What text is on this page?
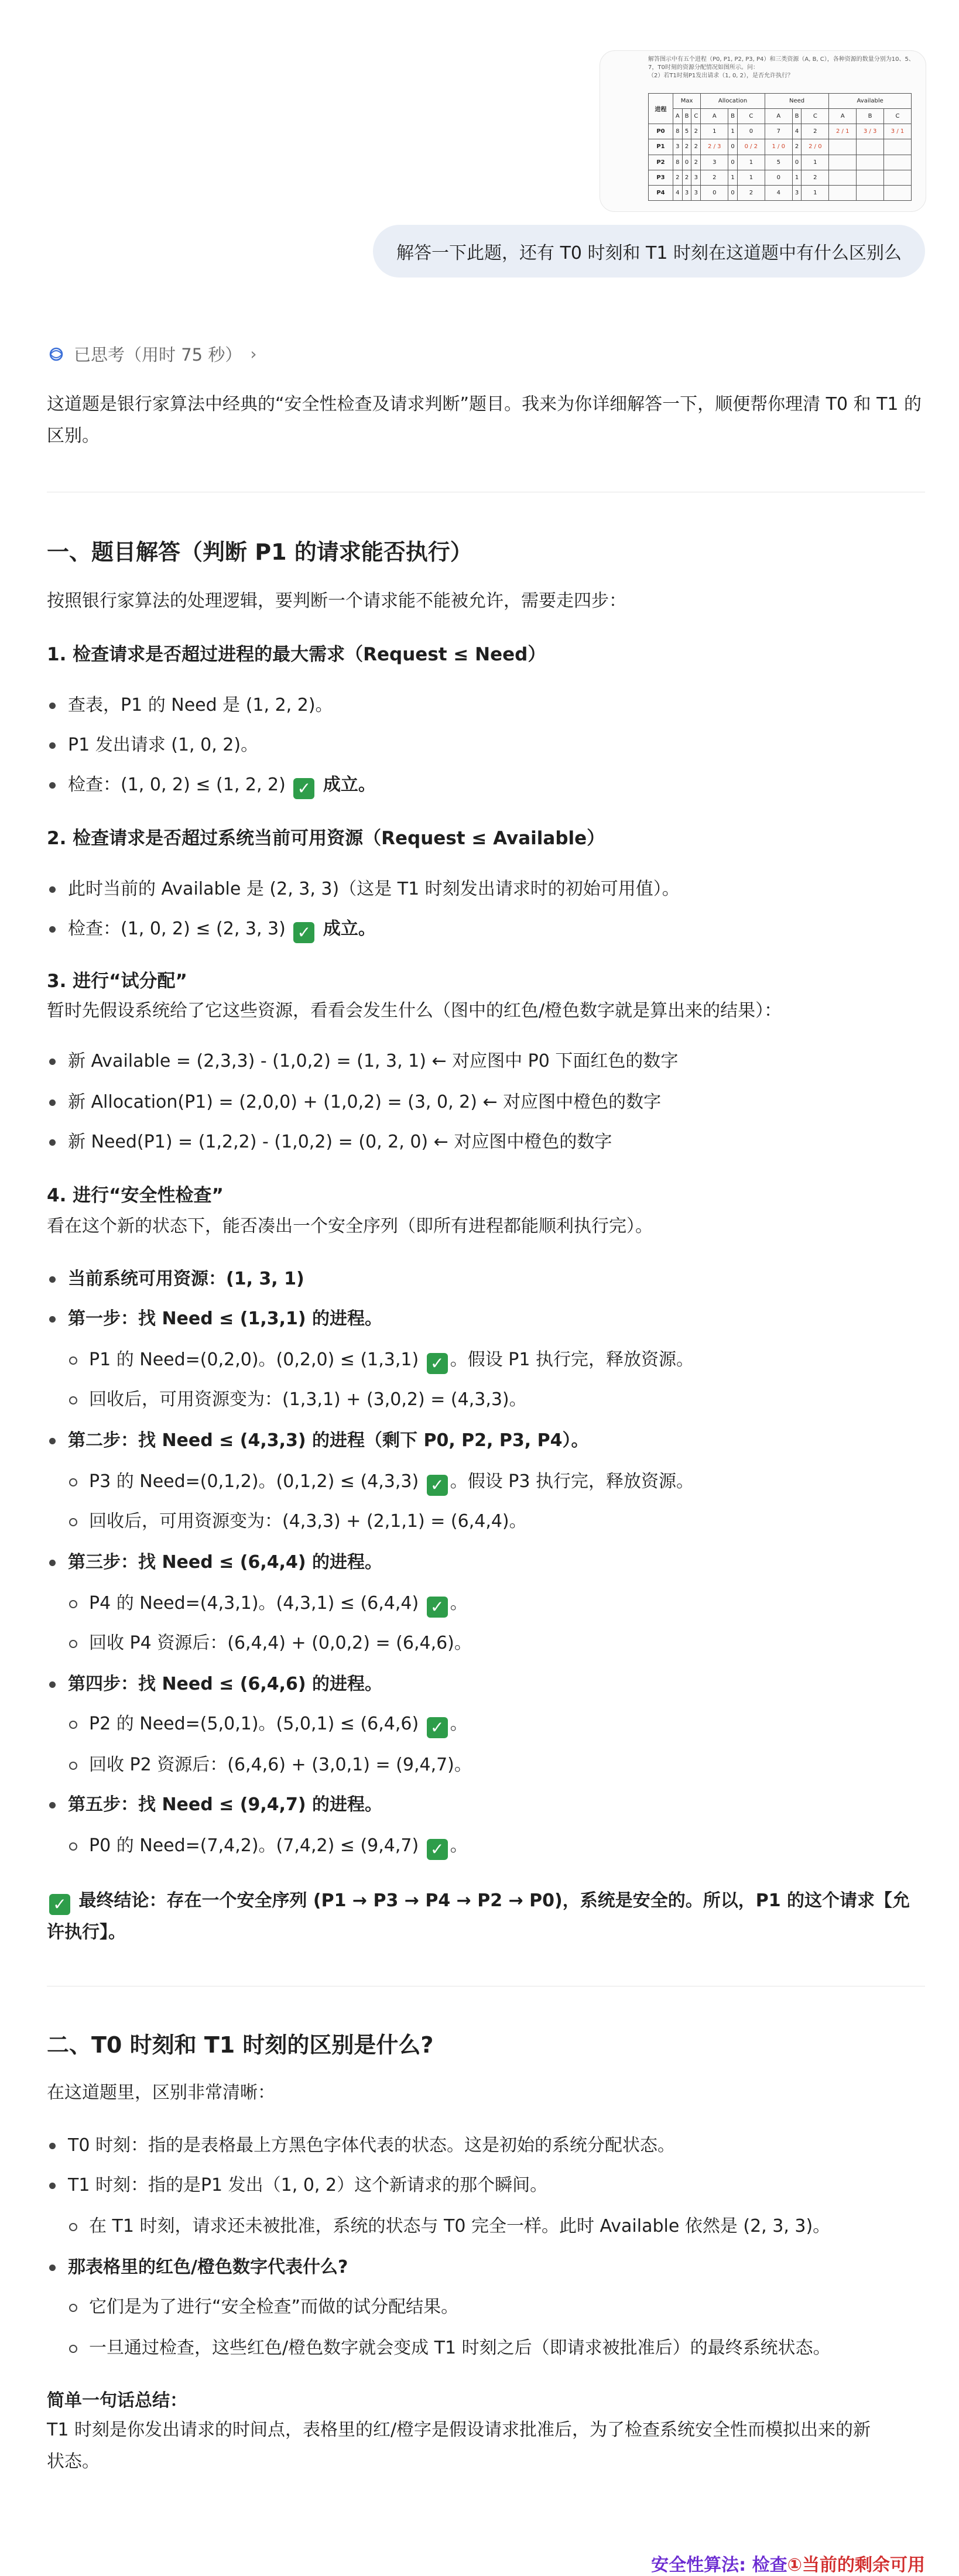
解答图示中有五个进程（P0, P1, P2, P3, P4）和三类资源（A, B, C），各种资源的数量分别为10、5、7，T0时刻的资源分配情况如图所示。问：
（2）若T1时刻P1发出请求（1, 0, 2），是否允许执行？
进程	Max			Allocation			Need			Available		
	A	B	C	A	B	C	A	B	C	A	B	C
P0	8	5	2	1	1	0	7	4	2	2 / 1	3 / 3	3 / 1
P1	3	2	2	2 / 3	0	0 / 2	1 / 0	2	2 / 0			
P2	8	0	2	3	0	1	5	0	1			
P3	2	2	3	2	1	1	0	1	2			
P4	4	3	3	0	0	2	4	3	1			
解答一下此题，还有 T0 时刻和 T1 时刻在这道题中有什么区别么
已思考（用时 75 秒） ›
这道题是银行家算法中经典的“安全性检查及请求判断”题目。我来为你详细解答一下，顺便帮你理清 T0 和 T1 的区别。
一、题目解答（判断 P1 的请求能否执行）
按照银行家算法的处理逻辑，要判断一个请求能不能被允许，需要走四步：
1. 检查请求是否超过进程的最大需求（Request ≤ Need）
查表，P1 的 Need 是 (1, 2, 2)。
P1 发出请求 (1, 0, 2)。
检查：(1, 0, 2) ≤ (1, 2, 2) ✓ 成立。
2. 检查请求是否超过系统当前可用资源（Request ≤ Available）
此时当前的 Available 是 (2, 3, 3)（这是 T1 时刻发出请求时的初始可用值）。
检查：(1, 0, 2) ≤ (2, 3, 3) ✓ 成立。
3. 进行“试分配”
暂时先假设系统给了它这些资源，看看会发生什么（图中的红色/橙色数字就是算出来的结果）：
新 Available = (2,3,3) - (1,0,2) = (1, 3, 1) ← 对应图中 P0 下面红色的数字
新 Allocation(P1) = (2,0,0) + (1,0,2) = (3, 0, 2) ← 对应图中橙色的数字
新 Need(P1) = (1,2,2) - (1,0,2) = (0, 2, 0) ← 对应图中橙色的数字
4. 进行“安全性检查”
看在这个新的状态下，能否凑出一个安全序列（即所有进程都能顺利执行完）。
当前系统可用资源：(1, 3, 1)
第一步：找 Need ≤ (1,3,1) 的进程。
P1 的 Need=(0,2,0)。(0,2,0) ≤ (1,3,1) ✓ 。假设 P1 执行完，释放资源。
回收后，可用资源变为：(1,3,1) + (3,0,2) = (4,3,3)。
第二步：找 Need ≤ (4,3,3) 的进程（剩下 P0, P2, P3, P4）。
P3 的 Need=(0,1,2)。(0,1,2) ≤ (4,3,3) ✓ 。假设 P3 执行完，释放资源。
回收后，可用资源变为：(4,3,3) + (2,1,1) = (6,4,4)。
第三步：找 Need ≤ (6,4,4) 的进程。
P4 的 Need=(4,3,1)。(4,3,1) ≤ (6,4,4) ✓ 。
回收 P4 资源后：(6,4,4) + (0,0,2) = (6,4,6)。
第四步：找 Need ≤ (6,4,6) 的进程。
P2 的 Need=(5,0,1)。(5,0,1) ≤ (6,4,6) ✓ 。
回收 P2 资源后：(6,4,6) + (3,0,1) = (9,4,7)。
第五步：找 Need ≤ (9,4,7) 的进程。
P0 的 Need=(7,4,2)。(7,4,2) ≤ (9,4,7) ✓ 。
✓ 最终结论：存在一个安全序列 (P1 → P3 → P4 → P2 → P0)，系统是安全的。所以，P1 的这个请求【允
许执行】。
二、T0 时刻和 T1 时刻的区别是什么?
在这道题里，区别非常清晰：
T0 时刻：指的是表格最上方黑色字体代表的状态。这是初始的系统分配状态。
T1 时刻：指的是P1 发出（1, 0, 2）这个新请求的那个瞬间。
在 T1 时刻，请求还未被批准，系统的状态与 T0 完全一样。此时 Available 依然是 (2, 3, 3)。
那表格里的红色/橙色数字代表什么?
它们是为了进行“安全检查”而做的试分配结果。
一旦通过检查，这些红色/橙色数字就会变成 T1 时刻之后（即请求被批准后）的最终系统状态。
简单一句话总结：
T1 时刻是你发出请求的时间点，表格里的红/橙字是假设请求批准后，为了检查系统安全性而模拟出来的新
状态。
安全性算法: 检查①当前的剩余可用
